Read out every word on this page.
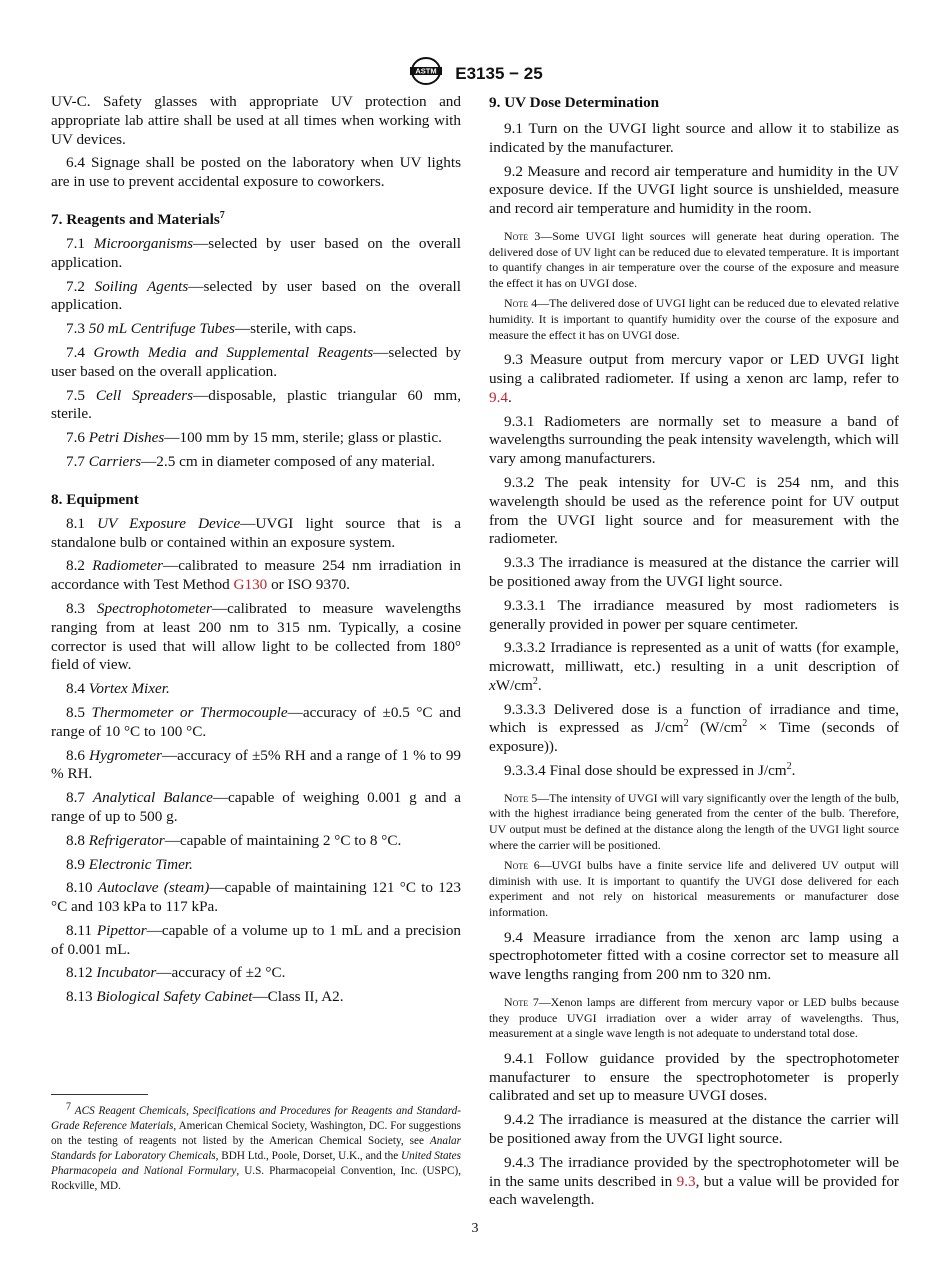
ASTM E3135 − 25

UV-C. Safety glasses with appropriate UV protection and appropriate lab attire shall be used at all times when working with UV devices.

6.4 Signage shall be posted on the laboratory when UV lights are in use to prevent accidental exposure to coworkers.

7. Reagents and Materials$^7$

7.1 Microorganisms—selected by user based on the overall application.

7.2 Soiling Agents—selected by user based on the overall application.

7.3 50 mL Centrifuge Tubes—sterile, with caps.

7.4 Growth Media and Supplemental Reagents—selected by user based on the overall application.

7.5 Cell Spreaders—disposable, plastic triangular 60 mm, sterile.

7.6 Petri Dishes—100 mm by 15 mm, sterile; glass or plastic.

7.7 Carriers—2.5 cm in diameter composed of any material.

8. Equipment

8.1 UV Exposure Device—UVGI light source that is a standalone bulb or contained within an exposure system.

8.2 Radiometer—calibrated to measure 254 nm irradiation in accordance with Test Method G130 or ISO 9370.

8.3 Spectrophotometer—calibrated to measure wavelengths ranging from at least 200 nm to 315 nm. Typically, a cosine corrector is used that will allow light to be collected from 180° field of view.

8.4 Vortex Mixer.

8.5 Thermometer or Thermocouple—accuracy of ±0.5 °C and range of 10 °C to 100 °C.

8.6 Hygrometer—accuracy of ±5% RH and a range of 1 % to 99 % RH.

8.7 Analytical Balance—capable of weighing 0.001 g and a range of up to 500 g.

8.8 Refrigerator—capable of maintaining 2 °C to 8 °C.

8.9 Electronic Timer.

8.10 Autoclave (steam)—capable of maintaining 121 °C to 123 °C and 103 kPa to 117 kPa.

8.11 Pipettor—capable of a volume up to 1 mL and a precision of 0.001 mL.

8.12 Incubator—accuracy of ±2 °C.

8.13 Biological Safety Cabinet—Class II, A2.

$^7$ ACS Reagent Chemicals, Specifications and Procedures for Reagents and Standard-Grade Reference Materials, American Chemical Society, Washington, DC. For suggestions on the testing of reagents not listed by the American Chemical Society, see Analar Standards for Laboratory Chemicals, BDH Ltd., Poole, Dorset, U.K., and the United States Pharmacopeia and National Formulary, U.S. Pharmacopeial Convention, Inc. (USPC), Rockville, MD.

9. UV Dose Determination

9.1 Turn on the UVGI light source and allow it to stabilize as indicated by the manufacturer.

9.2 Measure and record air temperature and humidity in the UV exposure device. If the UVGI light source is unshielded, measure and record air temperature and humidity in the room.

Note 3—Some UVGI light sources will generate heat during operation. The delivered dose of UV light can be reduced due to elevated temperature. It is important to quantify changes in air temperature over the course of the exposure and measure the effect it has on UVGI dose.

Note 4—The delivered dose of UVGI light can be reduced due to elevated relative humidity. It is important to quantify humidity over the course of the exposure and measure the effect it has on UVGI dose.

9.3 Measure output from mercury vapor or LED UVGI light using a calibrated radiometer. If using a xenon arc lamp, refer to 9.4.

9.3.1 Radiometers are normally set to measure a band of wavelengths surrounding the peak intensity wavelength, which will vary among manufacturers.

9.3.2 The peak intensity for UV-C is 254 nm, and this wavelength should be used as the reference point for UV output from the UVGI light source and for measurement with the radiometer.

9.3.3 The irradiance is measured at the distance the carrier will be positioned away from the UVGI light source.

9.3.3.1 The irradiance measured by most radiometers is generally provided in power per square centimeter.

9.3.3.2 Irradiance is represented as a unit of watts (for example, microwatt, milliwatt, etc.) resulting in a unit description of $xW/cm^2$.

9.3.3.3 Delivered dose is a function of irradiance and time, which is expressed as $J/cm^2$ ($W/cm^2$ × Time (seconds of exposure)).

9.3.3.4 Final dose should be expressed in $J/cm^2$.

Note 5—The intensity of UVGI will vary significantly over the length of the bulb, with the highest irradiance being generated from the center of the bulb. Therefore, UV output must be defined at the distance along the length of the UVGI light source where the carrier will be positioned.

Note 6—UVGI bulbs have a finite service life and delivered UV output will diminish with use. It is important to quantify the UVGI dose delivered for each experiment and not rely on historical measurements or manufacturer dose information.

9.4 Measure irradiance from the xenon arc lamp using a spectrophotometer fitted with a cosine corrector set to measure all wave lengths ranging from 200 nm to 320 nm.

Note 7—Xenon lamps are different from mercury vapor or LED bulbs because they produce UVGI irradiation over a wider array of wavelengths. Thus, measurement at a single wave length is not adequate to understand total dose.

9.4.1 Follow guidance provided by the spectrophotometer manufacturer to ensure the spectrophotometer is properly calibrated and set up to measure UVGI doses.

9.4.2 The irradiance is measured at the distance the carrier will be positioned away from the UVGI light source.

9.4.3 The irradiance provided by the spectrophotometer will be in the same units described in 9.3, but a value will be provided for each wavelength.

3
